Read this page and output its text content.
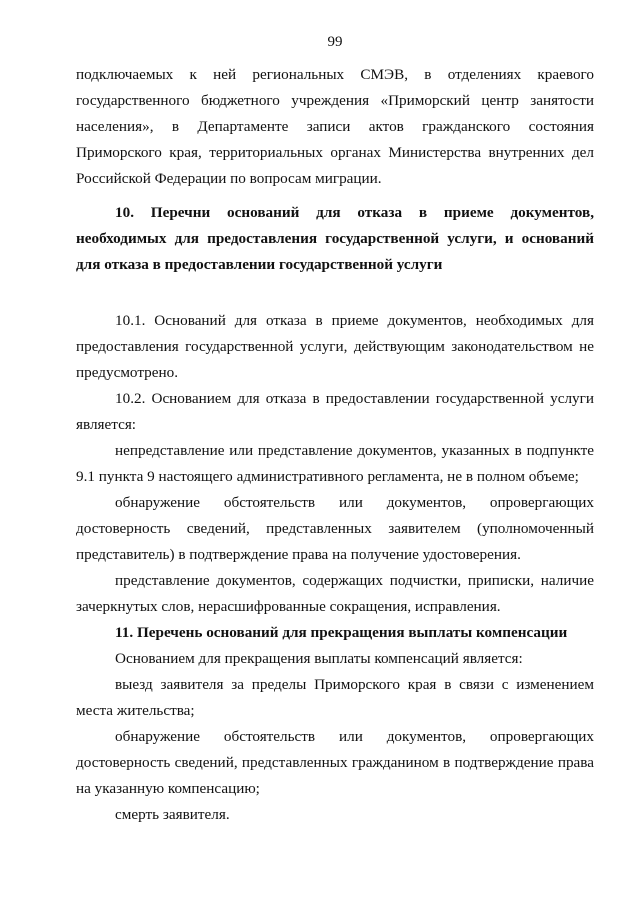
99

подключаемых к ней региональных СМЭВ, в отделениях краевого государственного бюджетного учреждения «Приморский центр занятости населения», в Департаменте записи актов гражданского состояния Приморского края, территориальных органах Министерства внутренних дел Российской Федерации по вопросам миграции.

10. Перечни оснований для отказа в приеме документов, необходимых для предоставления государственной услуги, и оснований для отказа в предоставлении государственной услуги

10.1. Оснований для отказа в приеме документов, необходимых для предоставления государственной услуги, действующим законодательством не предусмотрено.

10.2. Основанием для отказа в предоставлении государственной услуги является:

непредставление или представление документов, указанных в подпункте 9.1 пункта 9 настоящего административного регламента, не в полном объеме;

обнаружение обстоятельств или документов, опровергающих достоверность сведений, представленных заявителем (уполномоченный представитель) в подтверждение права на получение удостоверения.

представление документов, содержащих подчистки, приписки, наличие зачеркнутых слов, нерасшифрованные сокращения, исправления.

11. Перечень оснований для прекращения выплаты компенсации

Основанием для прекращения выплаты компенсаций является:

выезд заявителя за пределы Приморского края в связи с изменением места жительства;

обнаружение обстоятельств или документов, опровергающих достоверность сведений, представленных гражданином в подтверждение права на указанную компенсацию;

смерть заявителя.
